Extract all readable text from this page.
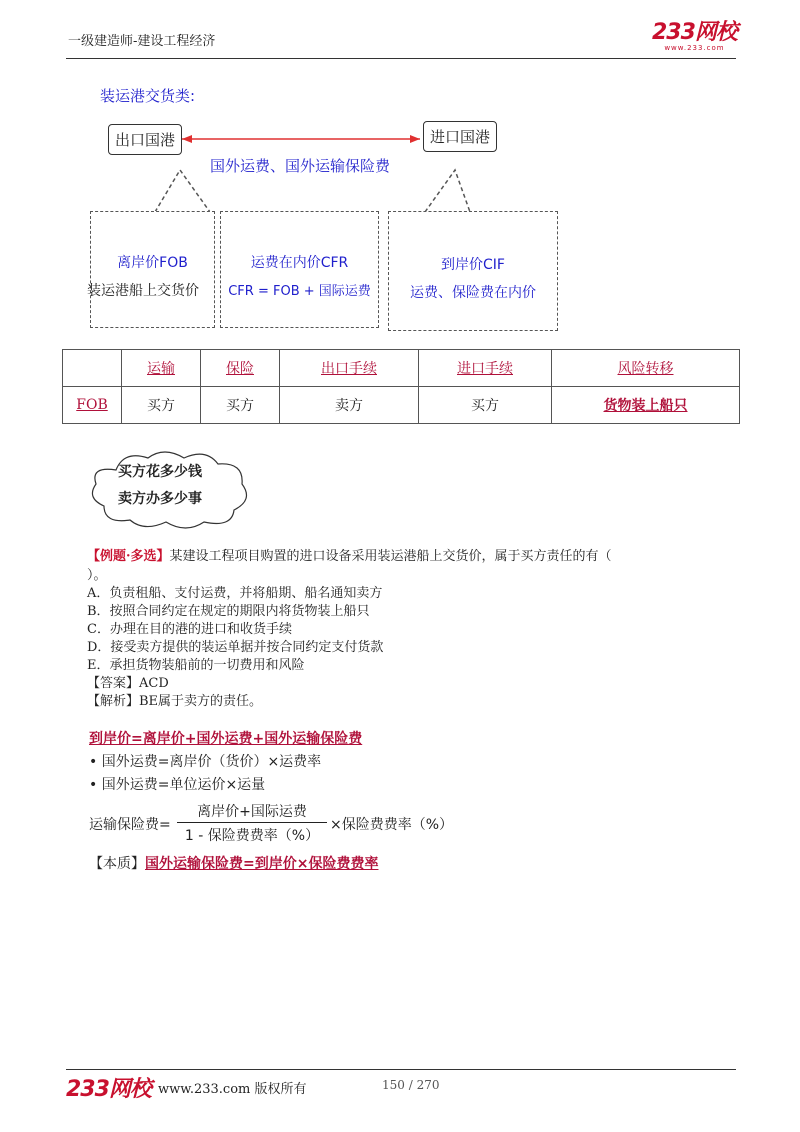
一级建造师-建设工程经济	233网校
www.233.com
装运港交货类:
出口国港	进口国港
国外运费、国外运输保险费
离岸价FOB
装运港船上交货价
运费在内价CFR
CFR = FOB + 国际运费
到岸价CIF
运费、保险费在内价
	运输	保险	出口手续	进口手续	风险转移
FOB	买方	买方	卖方	买方	货物装上船只
买方花多少钱
卖方办多少事
【例题·多选】某建设工程项目购置的进口设备采用装运港船上交货价，属于买方责任的有（
）。
A．负责租船、支付运费，并将船期、船名通知卖方
B．按照合同约定在规定的期限内将货物装上船只
C．办理在目的港的进口和收货手续
D．接受卖方提供的装运单据并按合同约定支付货款
E．承担货物装船前的一切费用和风险
【答案】ACD
【解析】BE属于卖方的责任。
到岸价=离岸价+国外运费+国外运输保险费
• 国外运费=离岸价（货价）×运费率
• 国外运费=单位运价×运量
运输保险费=
离岸价+国际运费
1 - 保险费费率（%）
×保险费费率（%）
【本质】国外运输保险费=到岸价×保险费费率
233网校 www.233.com 版权所有	150 / 270
